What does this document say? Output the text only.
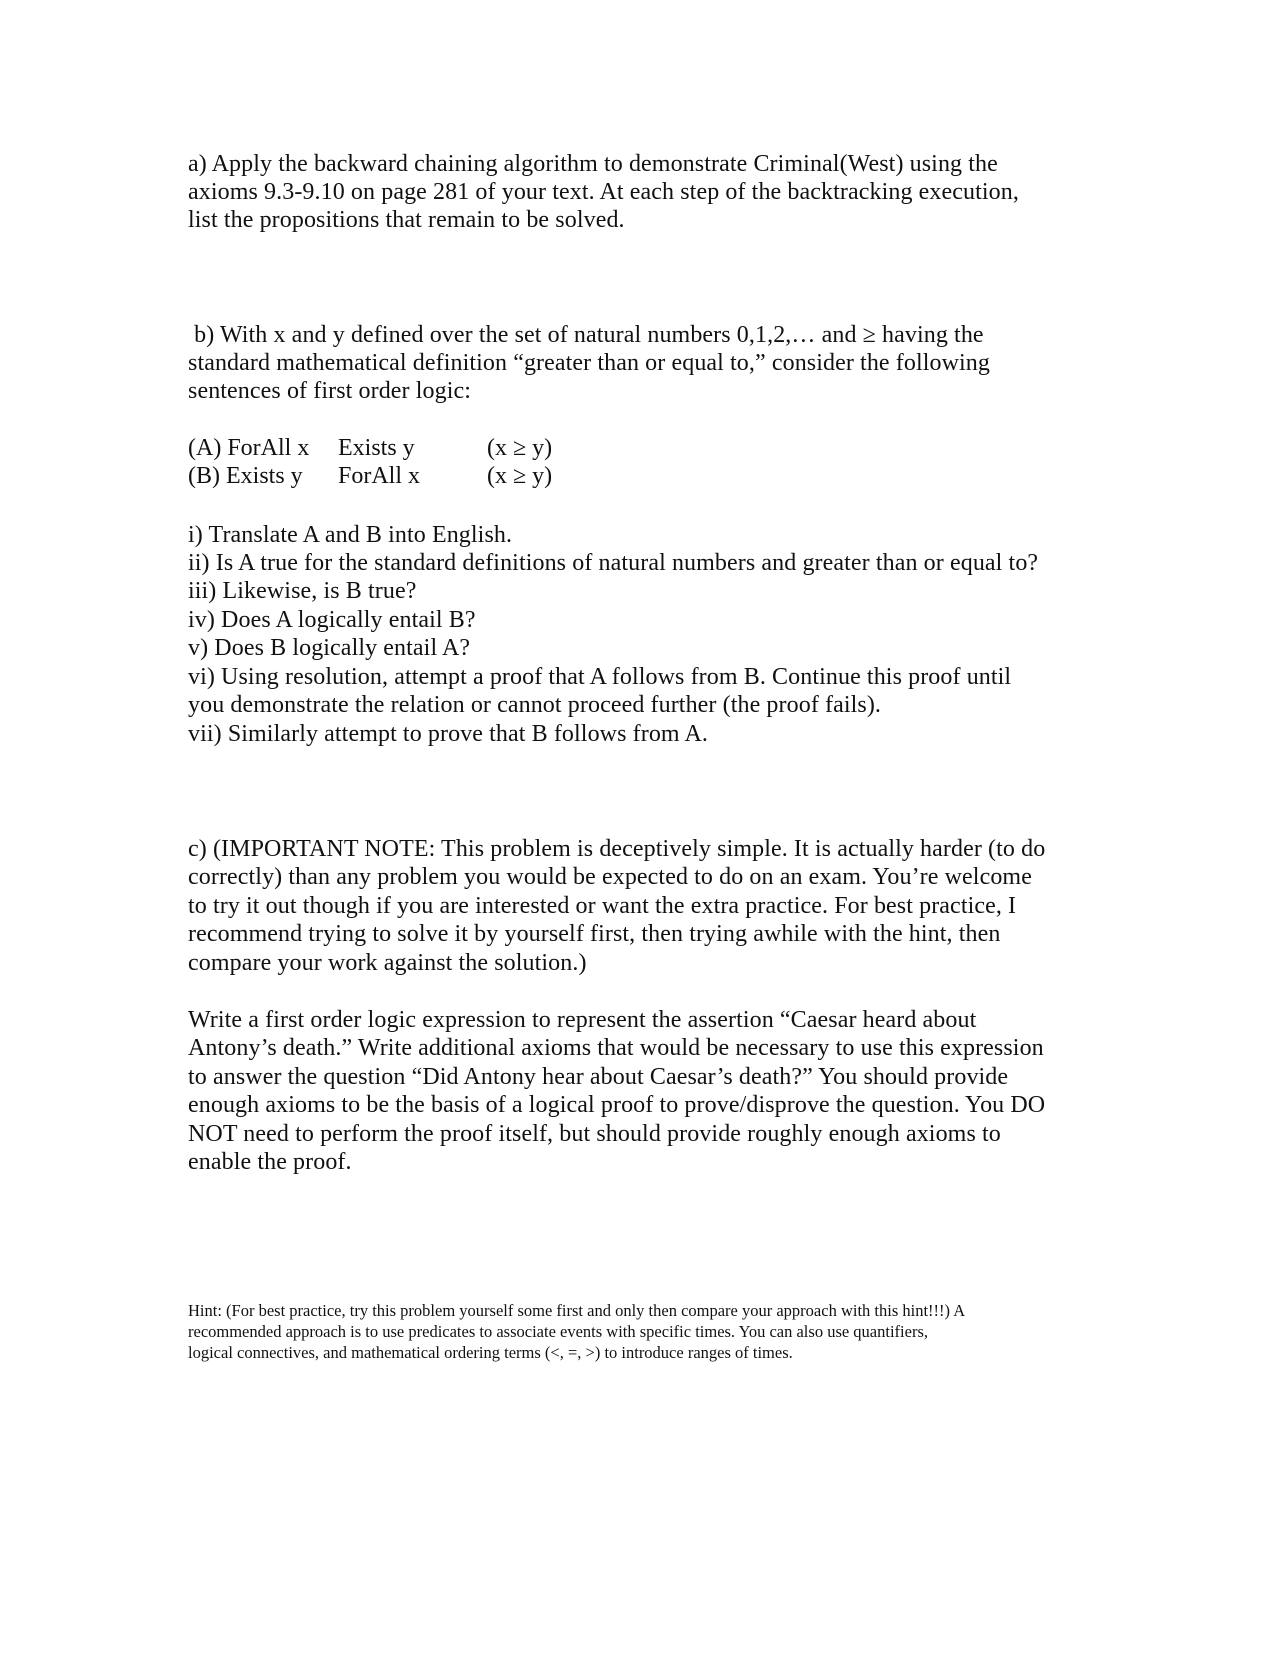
a) Apply the backward chaining algorithm to demonstrate Criminal(West) using the
axioms 9.3-9.10 on page 281 of your text. At each step of the backtracking execution,
list the propositions that remain to be solved.
b) With x and y defined over the set of natural numbers 0,1,2,… and ≥ having the
standard mathematical definition “greater than or equal to,” consider the following
sentences of first order logic:
(A) ForAll x Exists y	(x ≥ y)
(B) Exists y ForAll x	(x ≥ y)
i) Translate A and B into English.
ii) Is A true for the standard definitions of natural numbers and greater than or equal to?
iii) Likewise, is B true?
iv) Does A logically entail B?
v) Does B logically entail A?
vi) Using resolution, attempt a proof that A follows from B. Continue this proof until
you demonstrate the relation or cannot proceed further (the proof fails).
vii) Similarly attempt to prove that B follows from A.
c) (IMPORTANT NOTE: This problem is deceptively simple. It is actually harder (to do
correctly) than any problem you would be expected to do on an exam. You’re welcome
to try it out though if you are interested or want the extra practice. For best practice, I
recommend trying to solve it by yourself first, then trying awhile with the hint, then
compare your work against the solution.)
Write a first order logic expression to represent the assertion “Caesar heard about
Antony’s death.” Write additional axioms that would be necessary to use this expression
to answer the question “Did Antony hear about Caesar’s death?” You should provide
enough axioms to be the basis of a logical proof to prove/disprove the question. You DO
NOT need to perform the proof itself, but should provide roughly enough axioms to
enable the proof.
Hint: (For best practice, try this problem yourself some first and only then compare your approach with this hint!!!) A
recommended approach is to use predicates to associate events with specific times. You can also use quantifiers,
logical connectives, and mathematical ordering terms (<, =, >) to introduce ranges of times.
